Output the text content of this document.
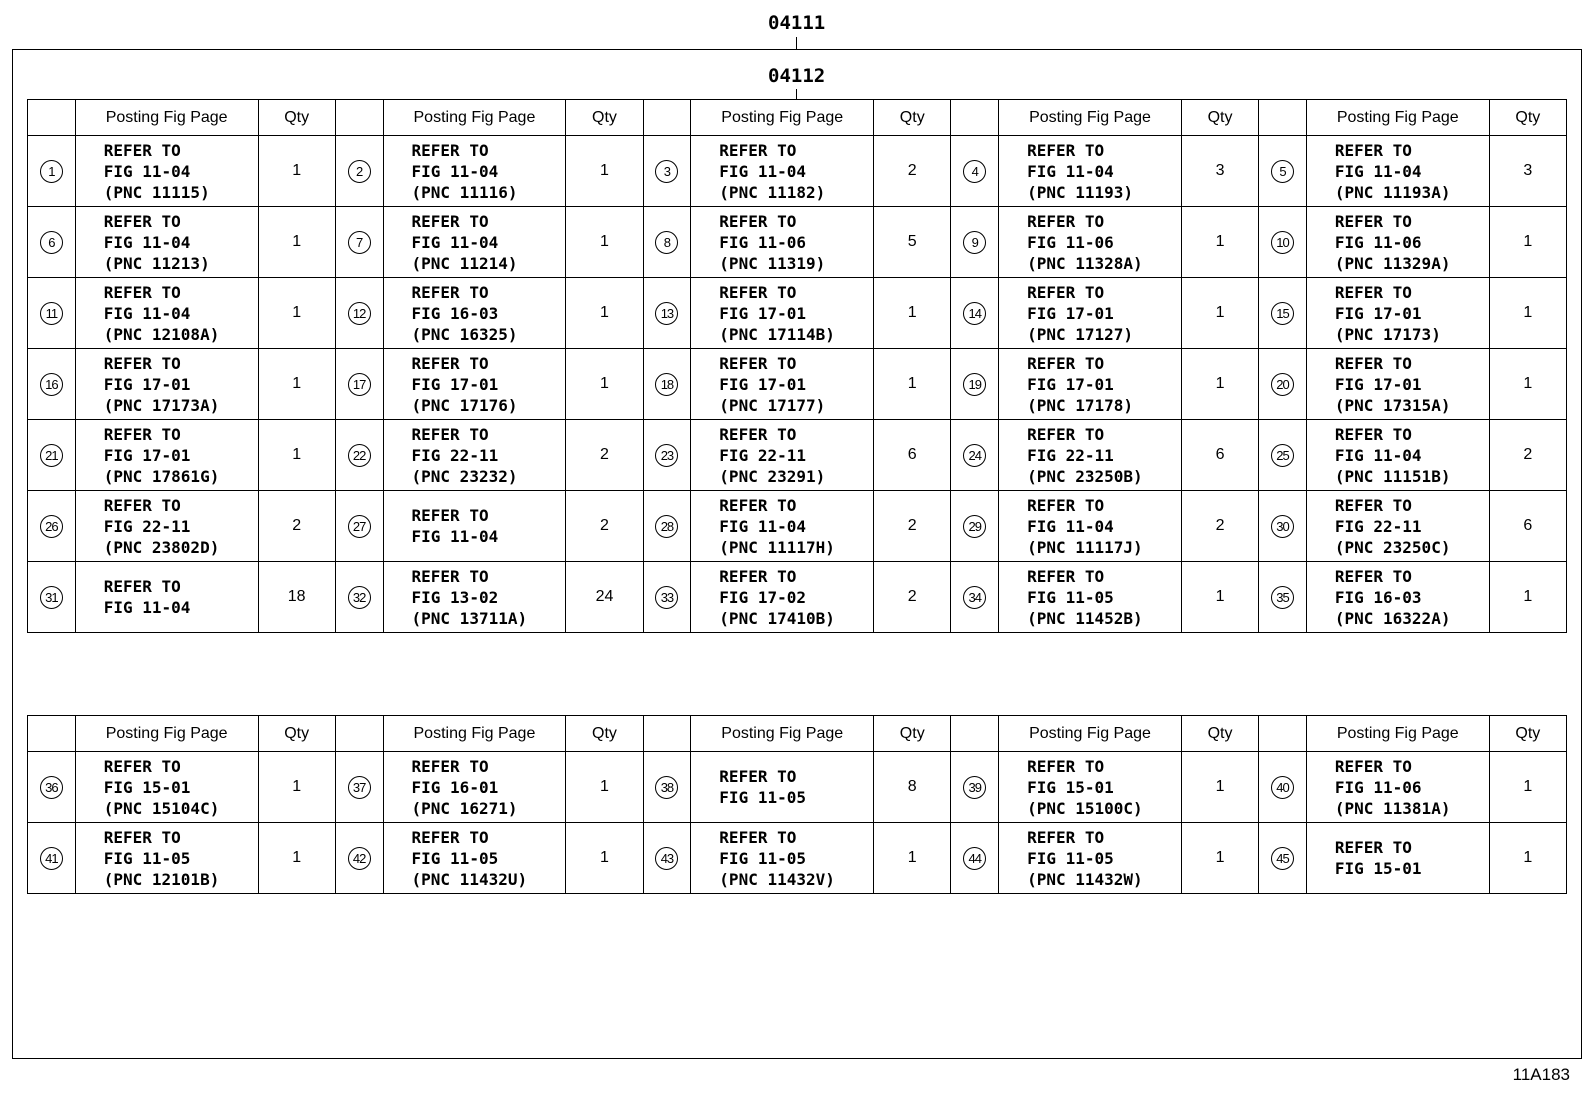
04111
04112
	Posting Fig Page	Qty		Posting Fig Page	Qty		Posting Fig Page	Qty		Posting Fig Page	Qty		Posting Fig Page	Qty
1	REFER TO
FIG 11-04
(PNC 11115)	1	2	REFER TO
FIG 11-04
(PNC 11116)	1	3	REFER TO
FIG 11-04
(PNC 11182)	2	4	REFER TO
FIG 11-04
(PNC 11193)	3	5	REFER TO
FIG 11-04
(PNC 11193A)	3
6	REFER TO
FIG 11-04
(PNC 11213)	1	7	REFER TO
FIG 11-04
(PNC 11214)	1	8	REFER TO
FIG 11-06
(PNC 11319)	5	9	REFER TO
FIG 11-06
(PNC 11328A)	1	10	REFER TO
FIG 11-06
(PNC 11329A)	1
11	REFER TO
FIG 11-04
(PNC 12108A)	1	12	REFER TO
FIG 16-03
(PNC 16325)	1	13	REFER TO
FIG 17-01
(PNC 17114B)	1	14	REFER TO
FIG 17-01
(PNC 17127)	1	15	REFER TO
FIG 17-01
(PNC 17173)	1
16	REFER TO
FIG 17-01
(PNC 17173A)	1	17	REFER TO
FIG 17-01
(PNC 17176)	1	18	REFER TO
FIG 17-01
(PNC 17177)	1	19	REFER TO
FIG 17-01
(PNC 17178)	1	20	REFER TO
FIG 17-01
(PNC 17315A)	1
21	REFER TO
FIG 17-01
(PNC 17861G)	1	22	REFER TO
FIG 22-11
(PNC 23232)	2	23	REFER TO
FIG 22-11
(PNC 23291)	6	24	REFER TO
FIG 22-11
(PNC 23250B)	6	25	REFER TO
FIG 11-04
(PNC 11151B)	2
26	REFER TO
FIG 22-11
(PNC 23802D)	2	27	REFER TO
FIG 11-04	2	28	REFER TO
FIG 11-04
(PNC 11117H)	2	29	REFER TO
FIG 11-04
(PNC 11117J)	2	30	REFER TO
FIG 22-11
(PNC 23250C)	6
31	REFER TO
FIG 11-04	18	32	REFER TO
FIG 13-02
(PNC 13711A)	24	33	REFER TO
FIG 17-02
(PNC 17410B)	2	34	REFER TO
FIG 11-05
(PNC 11452B)	1	35	REFER TO
FIG 16-03
(PNC 16322A)	1
	Posting Fig Page	Qty		Posting Fig Page	Qty		Posting Fig Page	Qty		Posting Fig Page	Qty		Posting Fig Page	Qty
36	REFER TO
FIG 15-01
(PNC 15104C)	1	37	REFER TO
FIG 16-01
(PNC 16271)	1	38	REFER TO
FIG 11-05	8	39	REFER TO
FIG 15-01
(PNC 15100C)	1	40	REFER TO
FIG 11-06
(PNC 11381A)	1
41	REFER TO
FIG 11-05
(PNC 12101B)	1	42	REFER TO
FIG 11-05
(PNC 11432U)	1	43	REFER TO
FIG 11-05
(PNC 11432V)	1	44	REFER TO
FIG 11-05
(PNC 11432W)	1	45	REFER TO
FIG 15-01	1
11A183
